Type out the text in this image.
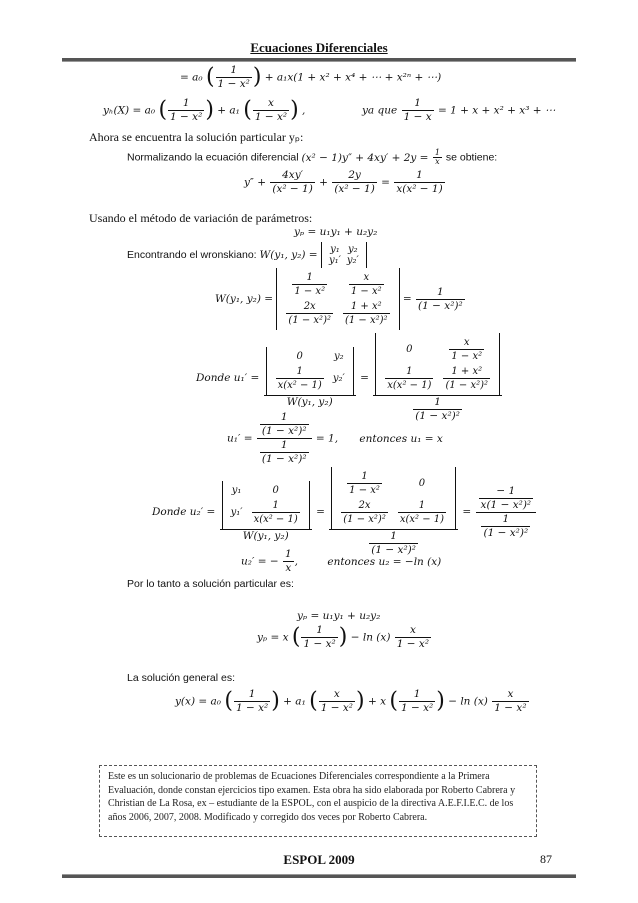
Ecuaciones Diferenciales
= a₀ ( $\frac{1}{\text{1 − x²}}$ ) + a₁x(1 + x² + x⁴ + ⋯ + x²ⁿ + ⋯)
yₕ(X) = a₀ ( $\frac{1}{\text{1 − x²}}$ ) + a₁ ( $\frac{x}{\text{1 − x²}}$ ) ,	ya que $\frac{1}{1 - x} = 1 + x + x^2 + x^3$ + ⋯
Ahora se encuentra la solución particular yₚ:
Normalizando la ecuación diferencial $(x^2 - 1)y'' + 4xy' + 2y = \frac{1}{x}$ se obtiene:
$y'' + \frac{4xy'}{\text{(x² − 1)}} + \frac{2y}{\text{(x² − 1)}} = \frac{1}{\text{x(x² − 1)}}$
Usando el método de variación de parámetros:
yₚ = u₁y₁ + u₂y₂
Encontrando el wronskiano: W(y₁, y₂) = y₁	y₂
y₁′	y₂′
W(y₁, y₂) =
$\frac{1}{\text{1 − x²}}$	$\frac{x}{\text{1 − x²}}$

$\frac{2x}{\text{(1 − x²)²}}$	$\frac{\text{1 + x²}}{\text{(1 − x²)²}}$
= $\frac{1}{\text{(1 − x²)²}}$
Donde u₁′ = 0	y₂

$\frac{1}{\text{x(x² − 1)}}$	y₂′
W(y₁, y₂) = 0	$\frac{x}{\text{1 − x²}}$

$\frac{1}{\text{x(x² − 1)}}$	$\frac{\text{1 + x²}}{\text{(1 − x²)²}}$
$\frac{1}{\text{(1 − x²)²}}$
$u_1' = \frac{\frac{1}{\text{(1 − x²)²}}}{\frac{1}{\text{(1 − x²)²}}} = 1$, entonces u₁ = x
Donde u₂′ = y₁	0
y₁′	$\frac{1}{\text{x(x² − 1)}}$
W(y₁, $y_2) = \frac{1}{\text{1 − x²}}$	0

$\frac{2x}{\text{(1 − x²)²}}$	$\frac{1}{\text{x(x² − 1)}}$
$\frac{1}{\text{(1 − x²)²}} = \frac{\frac{- 1}{\text{x(1 − x²)²}}}{\frac{1}{\text{(1 − x²)²}}}$
u₂′ = − $\frac{1}{x}$ ,	entonces u₂ = −ln (x)
Por lo tanto a solución particular es:
yₚ = u₁y₁ + u₂y₂
yₚ = x ( $\frac{1}{\text{1 − x²}}$ ) − $\ln (x) \frac{x}{\text{1 − x²}}$
La solución general es:
y(x) = a₀ ( $\frac{1}{\text{1 − x²}}$ ) + a₁ ( $\frac{x}{\text{1 − x²}}$ ) + x ( $\frac{1}{\text{1 − x²}}$ ) − $\ln (x) \frac{x}{\text{1 − x²}}$
Este es un solucionario de problemas de Ecuaciones Diferenciales correspondiente a la Primera Evaluación, donde constan ejercicios tipo examen. Esta obra ha sido elaborada por Roberto Cabrera y Christian de La Rosa, ex – estudiante de la ESPOL, con el auspicio de la directiva A.E.F.I.E.C. de los años 2006, 2007, 2008. Modificado y corregido dos veces por Roberto Cabrera.
ESPOL 2009	87
